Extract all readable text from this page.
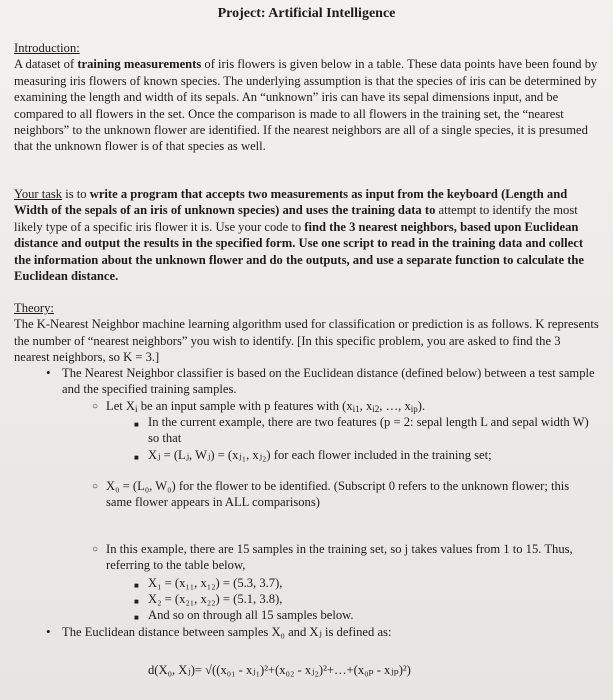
Project: Artificial Intelligence
Introduction:
A dataset of training measurements of iris flowers is given below in a table. These data points have been found by measuring iris flowers of known species. The underlying assumption is that the species of iris can be determined by examining the length and width of its sepals. An “unknown” iris can have its sepal dimensions input, and be compared to all flowers in the set. Once the comparison is made to all flowers in the training set, the “nearest neighbors” to the unknown flower are identified. If the nearest neighbors are all of a single species, it is presumed that the unknown flower is of that species as well.
Your task is to write a program that accepts two measurements as input from the keyboard (Length and Width of the sepals of an iris of unknown species) and uses the training data to attempt to identify the most likely type of a specific iris flower it is. Use your code to find the 3 nearest neighbors, based upon Euclidean distance and output the results in the specified form. Use one script to read in the training data and collect the information about the unknown flower and do the outputs, and use a separate function to calculate the Euclidean distance.
Theory:
The K-Nearest Neighbor machine learning algorithm used for classification or prediction is as follows. K represents the number of “nearest neighbors” you wish to identify. [In this specific problem, you are asked to find the 3 nearest neighbors, so K = 3.]
• The Nearest Neighbor classifier is based on the Euclidean distance (defined below) between a test sample and the specified training samples.
○ Let $X_i$ be an input sample with p features with ($x_{i1}$, $x_{i2}$, …, $x_{ip}$).
■ In the current example, there are two features (p = 2: sepal length L and sepal width W) so that
■ Xⱼ = (Lⱼ, Wⱼ) = (xⱼ₁, xⱼ₂) for each flower included in the training set;
○ X₀ = (L₀, W₀) for the flower to be identified. (Subscript 0 refers to the unknown flower; this same flower appears in ALL comparisons)
○ In this example, there are 15 samples in the training set, so j takes values from 1 to 15. Thus, referring to the table below,
■ X₁ = (x₁₁, x₁₂) = (5.3, 3.7),
■ X₂ = (x₂₁, x₂₂) = (5.1, 3.8),
■ And so on through all 15 samples below.
• The Euclidean distance between samples X₀ and Xⱼ is defined as:
d(X₀, Xⱼ)= √((x₀₁ - xⱼ₁)²+(x₀₂ - xⱼ₂)²+…+(x₀ₚ - xⱼₚ)²)
